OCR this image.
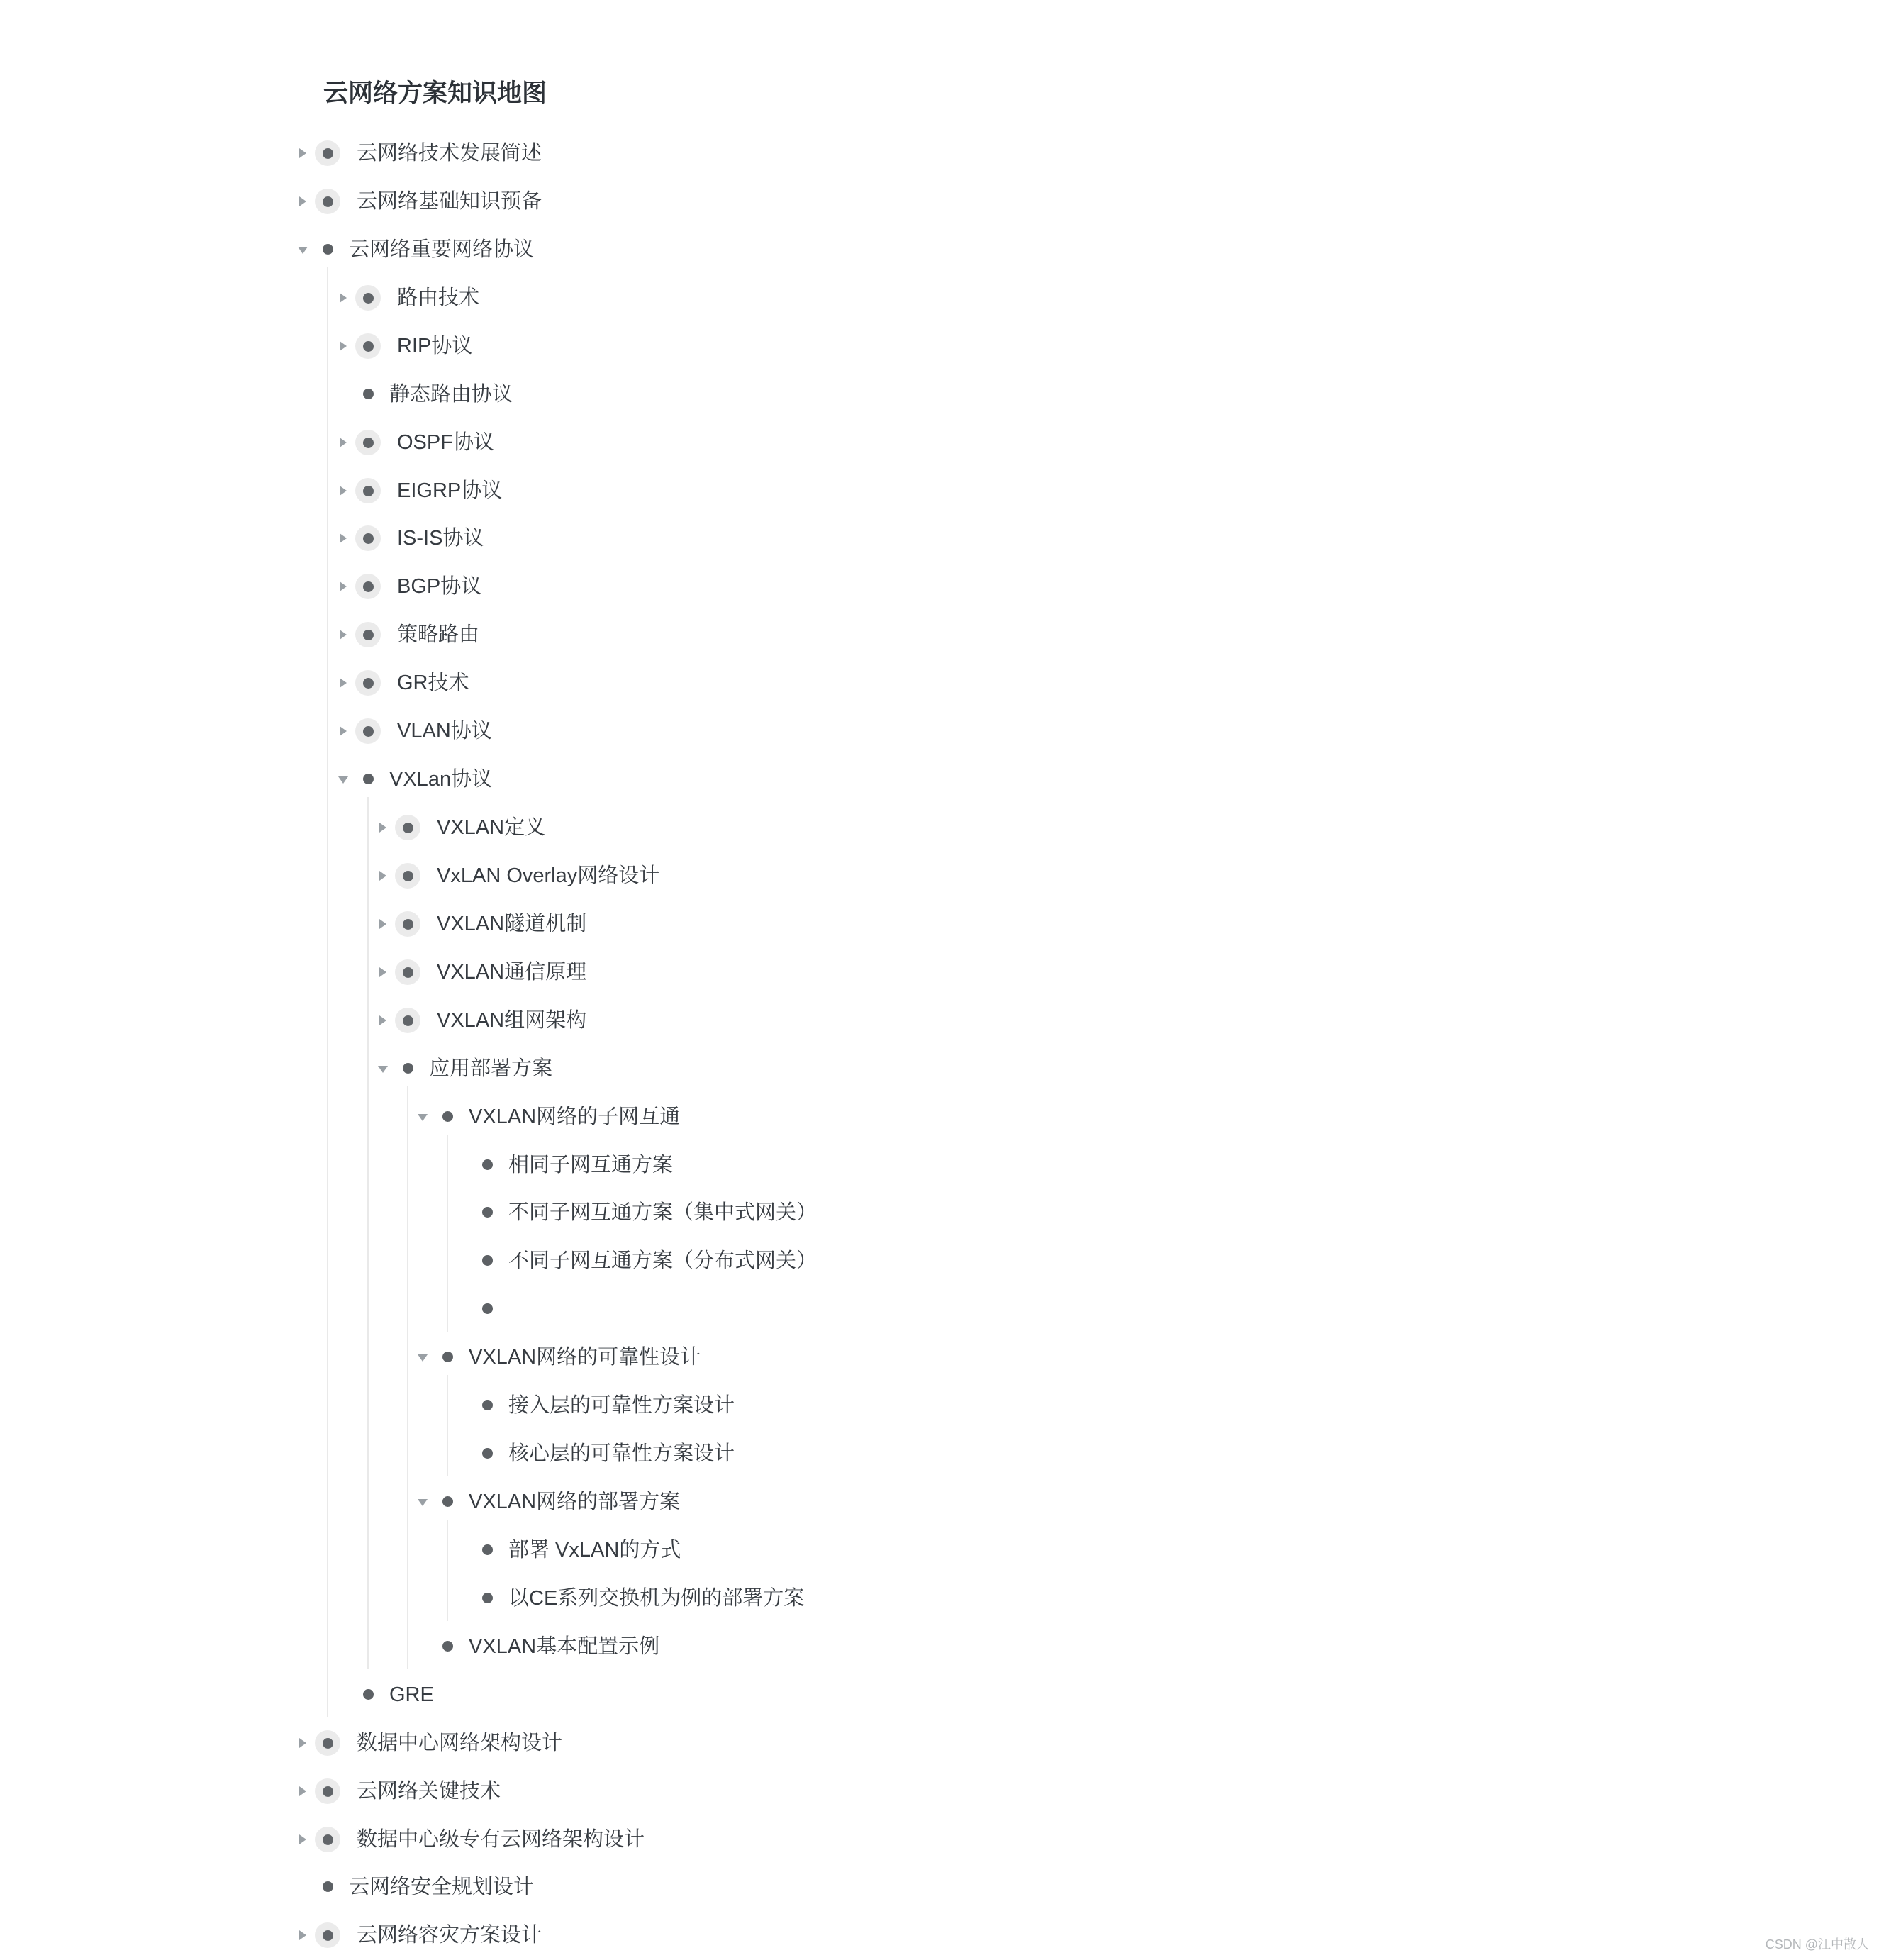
云网络方案知识地图
云网络技术发展简述
云网络基础知识预备
云网络重要网络协议
路由技术
RIP协议
静态路由协议
OSPF协议
EIGRP协议
IS-IS协议
BGP协议
策略路由
GR技术
VLAN协议
VXLan协议
VXLAN定义
VxLAN Overlay网络设计
VXLAN隧道机制
VXLAN通信原理
VXLAN组网架构
应用部署方案
VXLAN网络的子网互通
相同子网互通方案
不同子网互通方案（集中式网关）
不同子网互通方案（分布式网关）
VXLAN网络的可靠性设计
接入层的可靠性方案设计
核心层的可靠性方案设计
VXLAN网络的部署方案
部署 VxLAN的方式
以CE系列交换机为例的部署方案
VXLAN基本配置示例
GRE
数据中心网络架构设计
云网络关键技术
数据中心级专有云网络架构设计
云网络安全规划设计
云网络容灾方案设计	CSDN @江中散人
